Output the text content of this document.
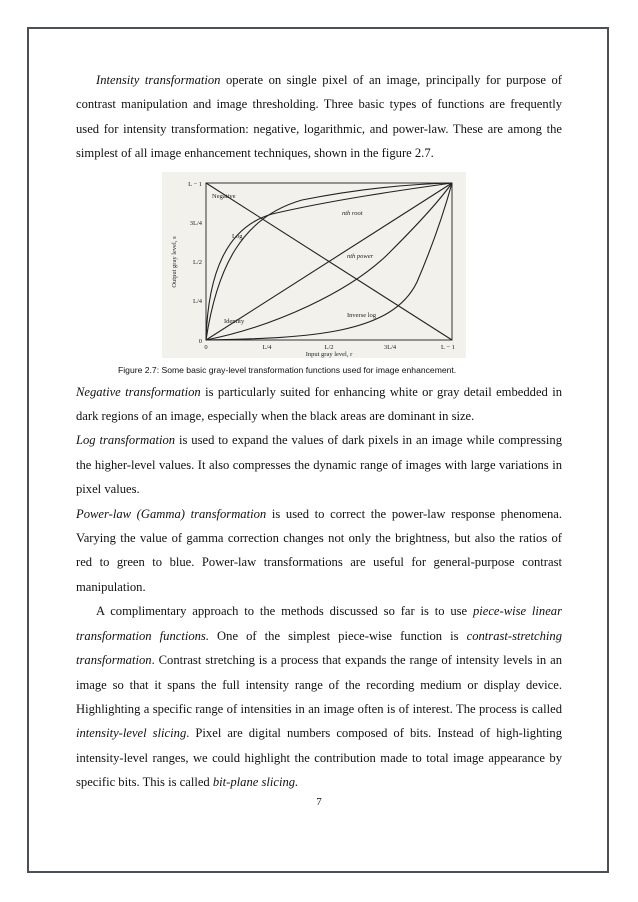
Intensity transformation operate on single pixel of an image, principally for purpose of contrast manipulation and image thresholding. Three basic types of functions are frequently used for intensity transformation: negative, logarithmic, and power-law. These are among the simplest of all image enhancement techniques, shown in the figure 2.7.

0
L/4
L/2
3L/4
L − 1
0	L/4	L/2	3L/4	L − 1
Input gray level, r
Output gray level, s
Negative
nth root
Log
nth power
Identity
Inverse log
Figure 2.7: Some basic gray-level transformation functions used for image enhancement.

Negative transformation is particularly suited for enhancing white or gray detail embedded in dark regions of an image, especially when the black areas are dominant in size.

Log transformation is used to expand the values of dark pixels in an image while compressing the higher-level values. It also compresses the dynamic range of images with large variations in pixel values.

Power-law (Gamma) transformation is used to correct the power-law response phenomena. Varying the value of gamma correction changes not only the brightness, but also the ratios of red to green to blue. Power-law transformations are useful for general-purpose contrast manipulation.

A complimentary approach to the methods discussed so far is to use piece-wise linear transformation functions. One of the simplest piece-wise function is contrast-stretching transformation. Contrast stretching is a process that expands the range of intensity levels in an image so that it spans the full intensity range of the recording medium or display device. Highlighting a specific range of intensities in an image often is of interest. The process is called intensity-level slicing. Pixel are digital numbers composed of bits. Instead of high-lighting intensity-level ranges, we could highlight the contribution made to total image appearance by specific bits. This is called bit-plane slicing.

7
